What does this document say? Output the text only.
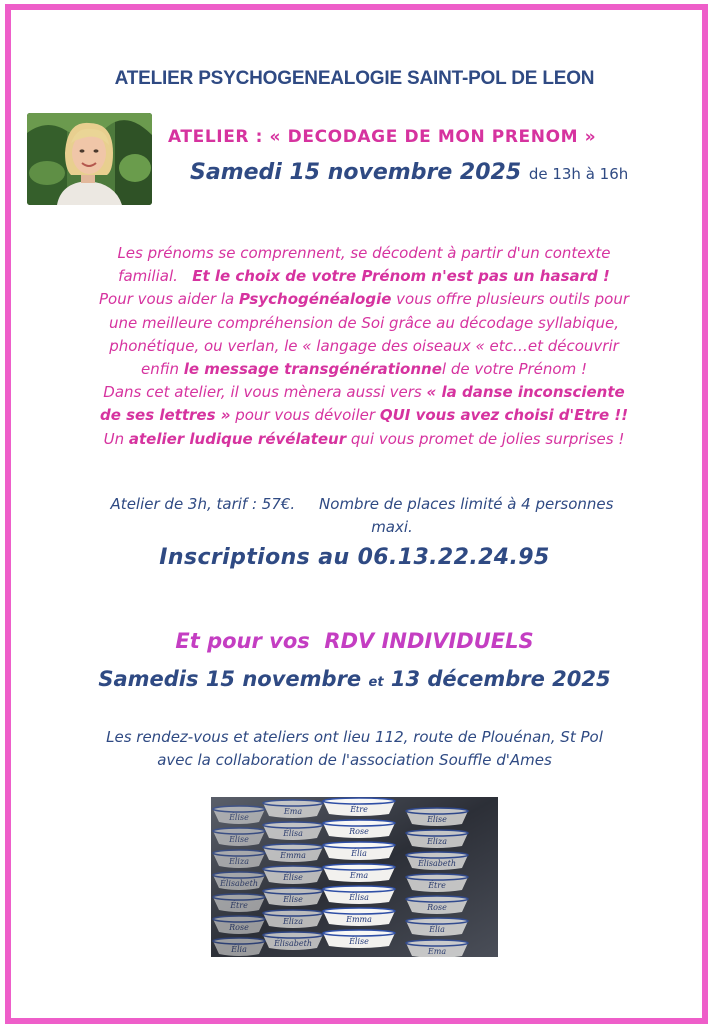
ATELIER PSYCHOGENEALOGIE SAINT-POL DE LEON
ATELIER : « DECODAGE DE MON PRENOM »
Samedi 15 novembre 2025 de 13h à 16h
Les prénoms se comprennent, se décodent à partir d'un contexte
familial. Et le choix de votre Prénom n'est pas un hasard !
Pour vous aider la Psychogénéalogie vous offre plusieurs outils pour
une meilleure compréhension de Soi grâce au décodage syllabique,
phonétique, ou verlan, le « langage des oiseaux « etc…et découvrir
enfin le message transgénérationnel de votre Prénom !
Dans cet atelier, il vous mènera aussi vers « la danse inconsciente
de ses lettres » pour vous dévoiler QUI vous avez choisi d'Etre !!
Un atelier ludique révélateur qui vous promet de jolies surprises !
Atelier de 3h, tarif : 57€. Nombre de places limité à 4 personnes
maxi.
Inscriptions au 06.13.22.24.95
Et pour vos  RDV INDIVIDUELS
Samedis 15 novembre et 13 décembre 2025
Les rendez-vous et ateliers ont lieu 112, route de Plouénan, St Pol
avec la collaboration de l'association Souffle d'Ames
Élise
Elise
Eliza
Élisabeth
Étre
Rose
Élia
Ema
Élisa
Emma
Élise
Elise
Eliza
Élisabeth
Étre
Rose
Élia
Ema
Élisa
Emma
Élise
Elise
Eliza
Élisabeth
Étre
Rose
Élia
Ema
